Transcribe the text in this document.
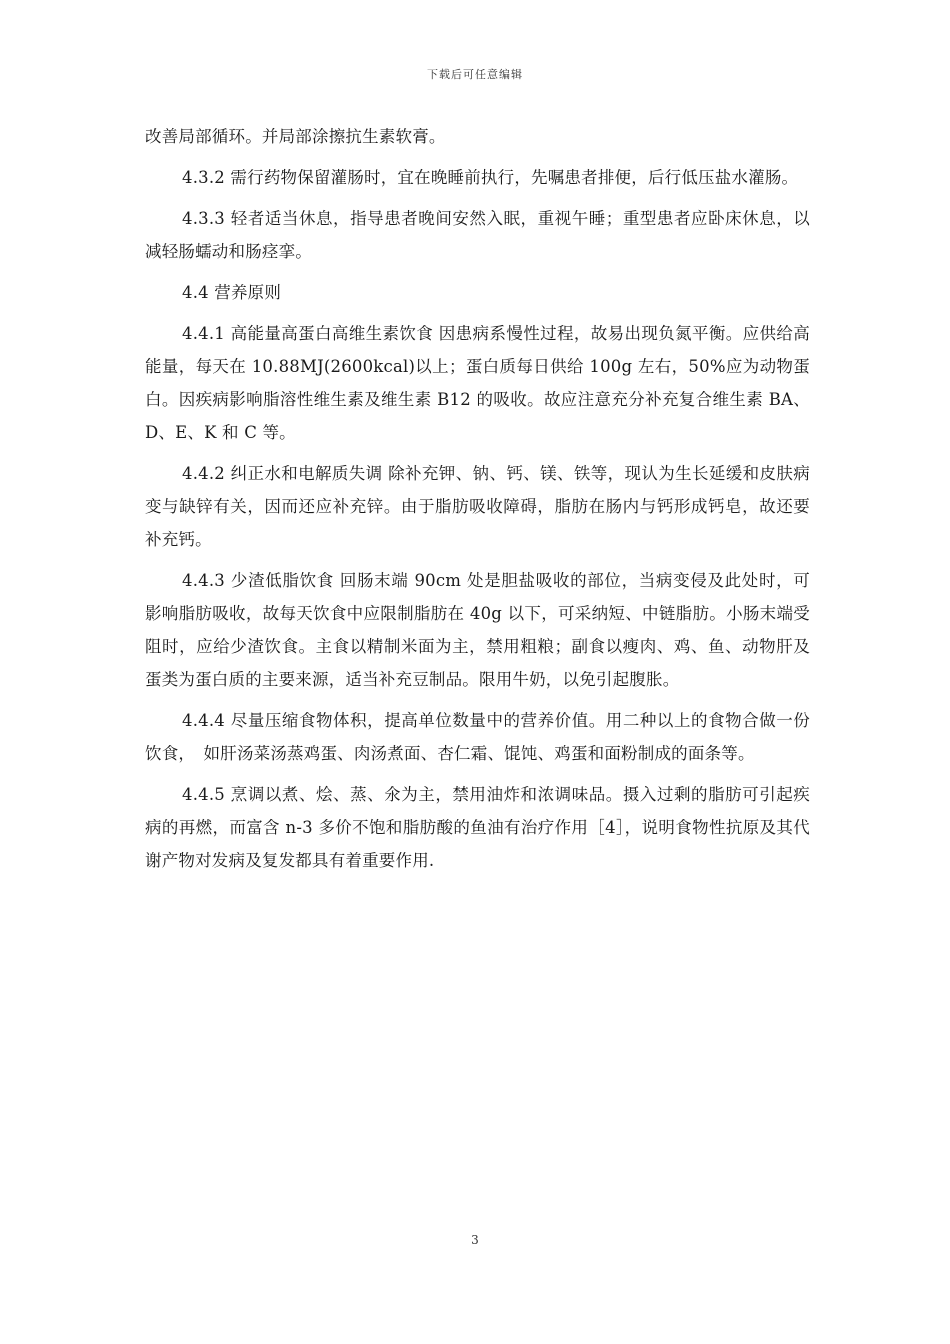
下载后可任意编辑

改善局部循环。并局部涂擦抗生素软膏。

4.3.2 需行药物保留灌肠时，宜在晚睡前执行，先嘱患者排便，后行低压盐水灌肠。

4.3.3 轻者适当休息，指导患者晚间安然入眠，重视午睡；重型患者应卧床休息，以减轻肠蠕动和肠痉挛。

4.4 营养原则

4.4.1 高能量高蛋白高维生素饮食 因患病系慢性过程，故易出现负氮平衡。应供给高能量，每天在 10.88MJ(2600kcal)以上；蛋白质每日供给 100g 左右，50%应为动物蛋白。因疾病影响脂溶性维生素及维生素 B12 的吸收。故应注意充分补充复合维生素 BA、D、E、K 和 C 等。

4.4.2 纠正水和电解质失调 除补充钾、钠、钙、镁、铁等，现认为生长延缓和皮肤病变与缺锌有关，因而还应补充锌。由于脂肪吸收障碍，脂肪在肠内与钙形成钙皂，故还要补充钙。

4.4.3 少渣低脂饮食 回肠末端 90cm 处是胆盐吸收的部位，当病变侵及此处时，可影响脂肪吸收，故每天饮食中应限制脂肪在 40g 以下，可采纳短、中链脂肪。小肠末端受阻时，应给少渣饮食。主食以精制米面为主，禁用粗粮；副食以瘦肉、鸡、鱼、动物肝及蛋类为蛋白质的主要来源，适当补充豆制品。限用牛奶，以免引起腹胀。

4.4.4 尽量压缩食物体积，提高单位数量中的营养价值。用二种以上的食物合做一份饮食，　如肝汤菜汤蒸鸡蛋、肉汤煮面、杏仁霜、馄饨、鸡蛋和面粉制成的面条等。

4.4.5 烹调以煮、烩、蒸、氽为主，禁用油炸和浓调味品。摄入过剩的脂肪可引起疾病的再燃，而富含 n-3 多价不饱和脂肪酸的鱼油有治疗作用［4］，说明食物性抗原及其代谢产物对发病及复发都具有着重要作用.

3
